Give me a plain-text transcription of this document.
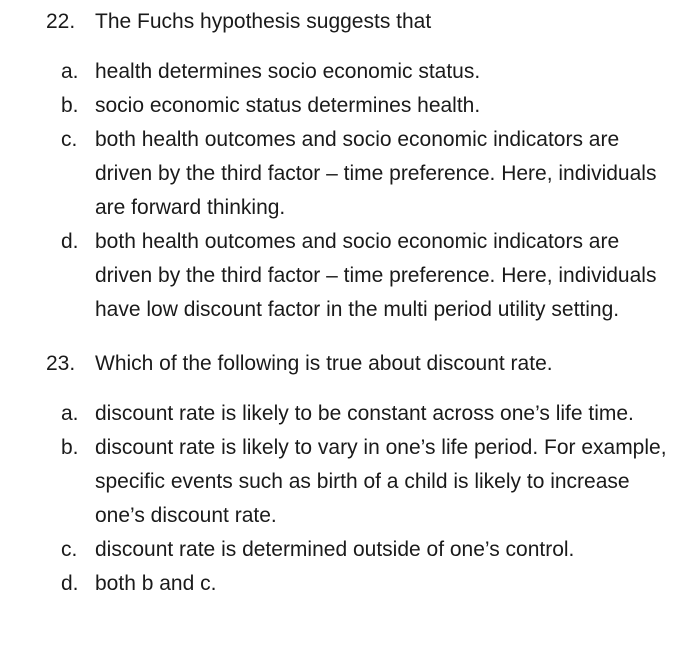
22. The Fuchs hypothesis suggests that
a. health determines socio economic status.
b. socio economic status determines health.
c. both health outcomes and socio economic indicators are driven by the third factor – time preference. Here, individuals are forward thinking.
d. both health outcomes and socio economic indicators are driven by the third factor – time preference. Here, individuals have low discount factor in the multi period utility setting.
23. Which of the following is true about discount rate.
a. discount rate is likely to be constant across one’s life time.
b. discount rate is likely to vary in one’s life period. For example, specific events such as birth of a child is likely to increase one’s discount rate.
c. discount rate is determined outside of one’s control.
d. both b and c.
